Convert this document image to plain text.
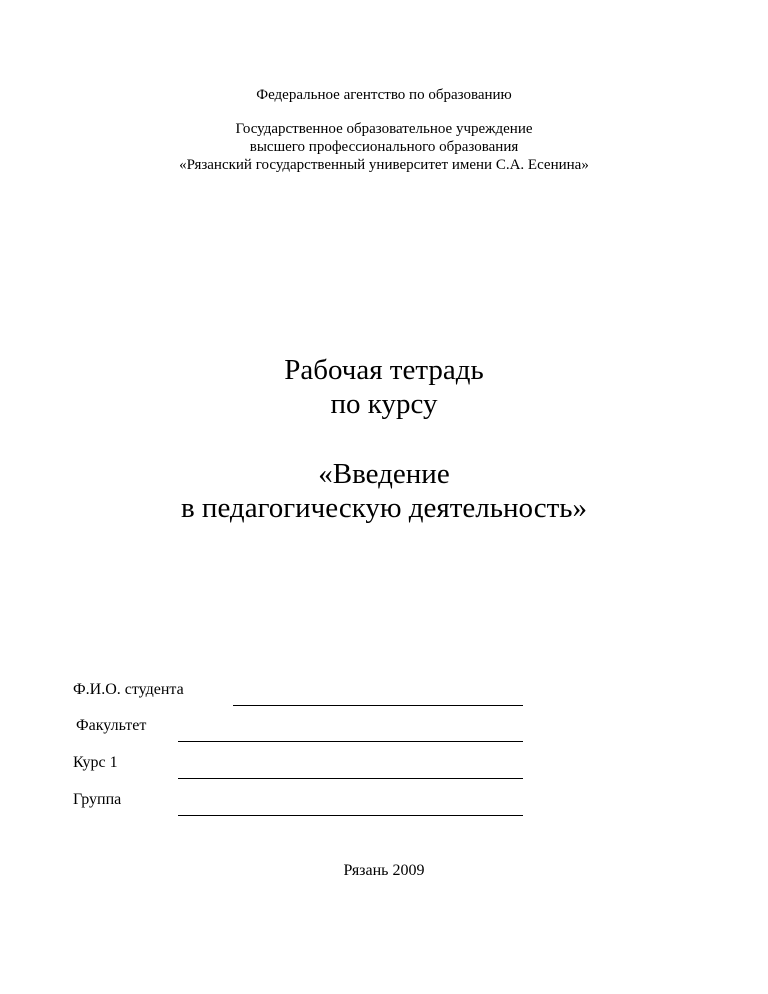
Федеральное агентство по образованию
Государственное образовательное учреждение
высшего профессионального образования
«Рязанский государственный университет имени С.А. Есенина»
Рабочая тетрадь
по курсу
«Введение
в педагогическую деятельность»
Ф.И.О. студента
Факультет
Курс 1
Группа
Рязань 2009
